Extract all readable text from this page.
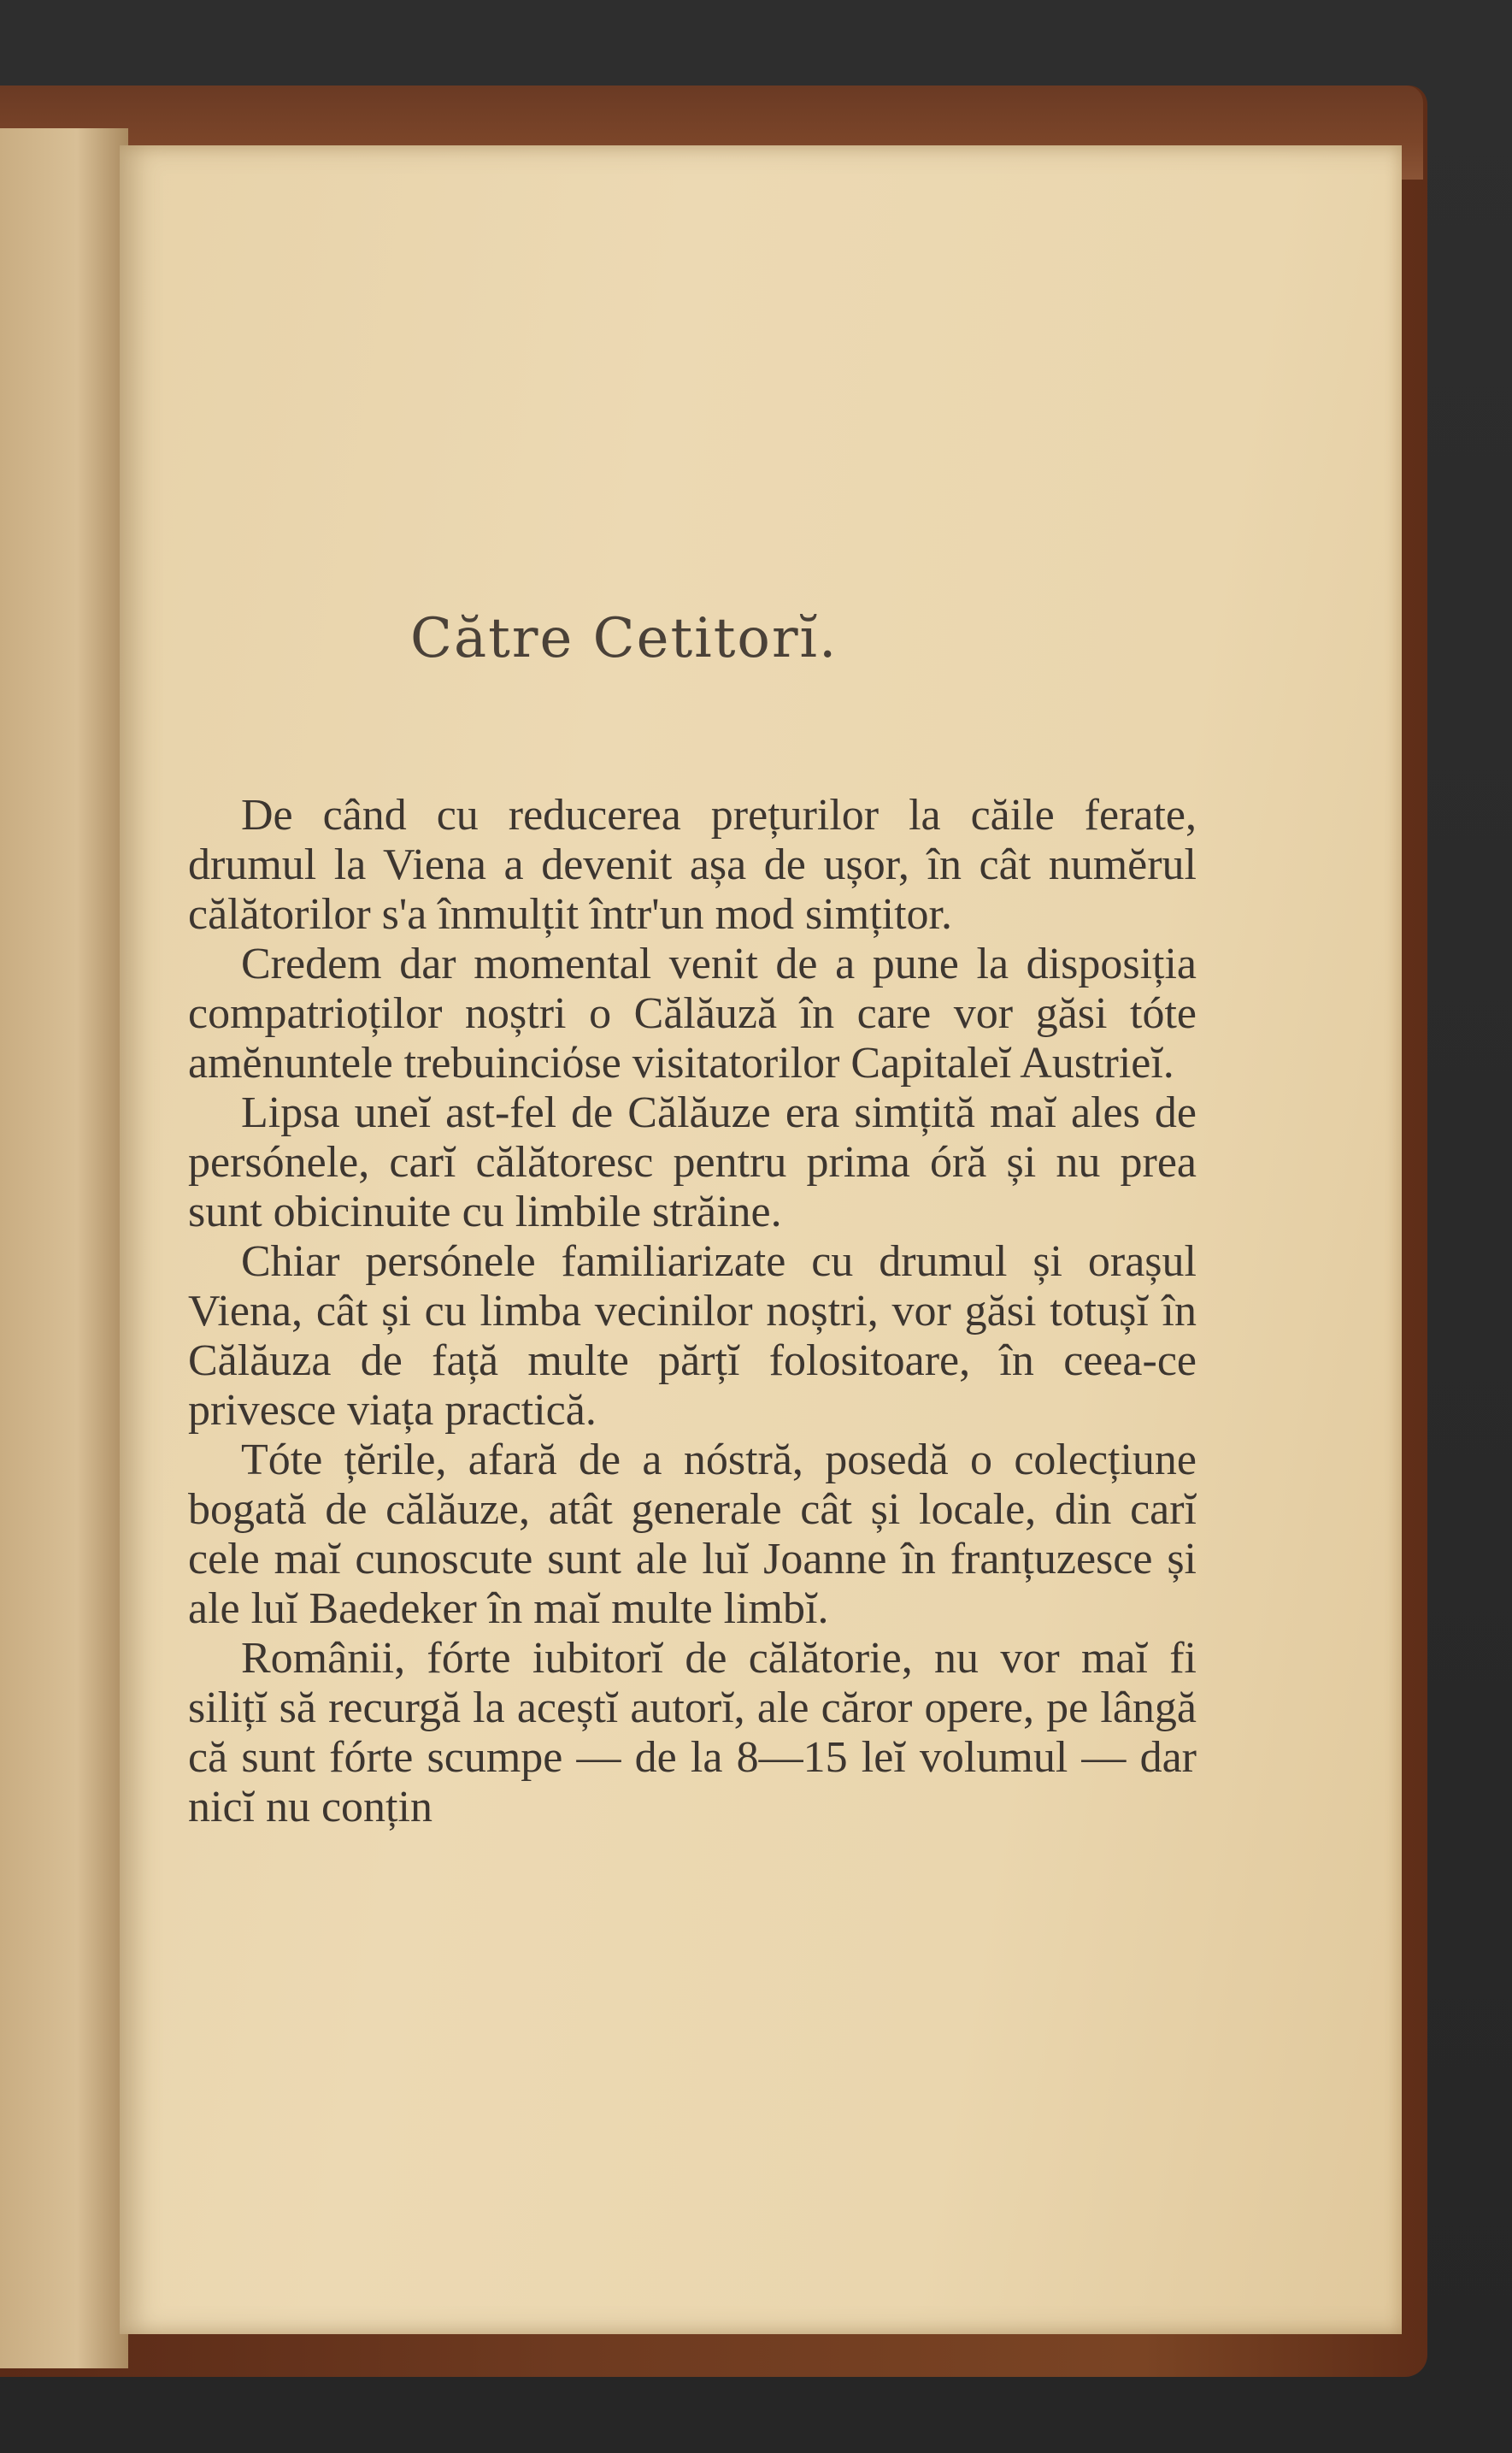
Către Cetitorĭ.

De când cu reducerea prețurilor la căile ferate, drumul la Viena a devenit așa de ușor, în cât numĕrul călătorilor s'a înmulțit într'un mod simțitor.

Credem dar momental venit de a pune la disposiția compatrioților noștri o Călăuză în care vor găsi tóte amĕnuntele trebuinciόse visitatorilor Capitaleĭ Austrieĭ.

Lipsa uneĭ ast-fel de Călăuze era simțită maĭ ales de persónele, carĭ călătoresc pentru prima óră și nu prea sunt obicinuite cu limbile străine.

Chiar persónele familiarizate cu drumul și orașul Viena, cât și cu limba vecinilor noștri, vor găsi totușĭ în Călăuza de față multe părțĭ folositoare, în ceea-ce privesce viața practică.

Tóte țĕrile, afară de a nóstră, posedă o colecțiune bogată de călăuze, atât generale cât și locale, din carĭ cele maĭ cunoscute sunt ale luĭ Joanne în franțuzesce și ale luĭ Baedeker în maĭ multe limbĭ.

Românii, fórte iubitorĭ de călătorie, nu vor maĭ fi silițĭ să recurgă la aceștĭ autorĭ, ale căror opere, pe lângă că sunt fórte scumpe — de la 8—15 leĭ volumul — dar nicĭ nu conțin
